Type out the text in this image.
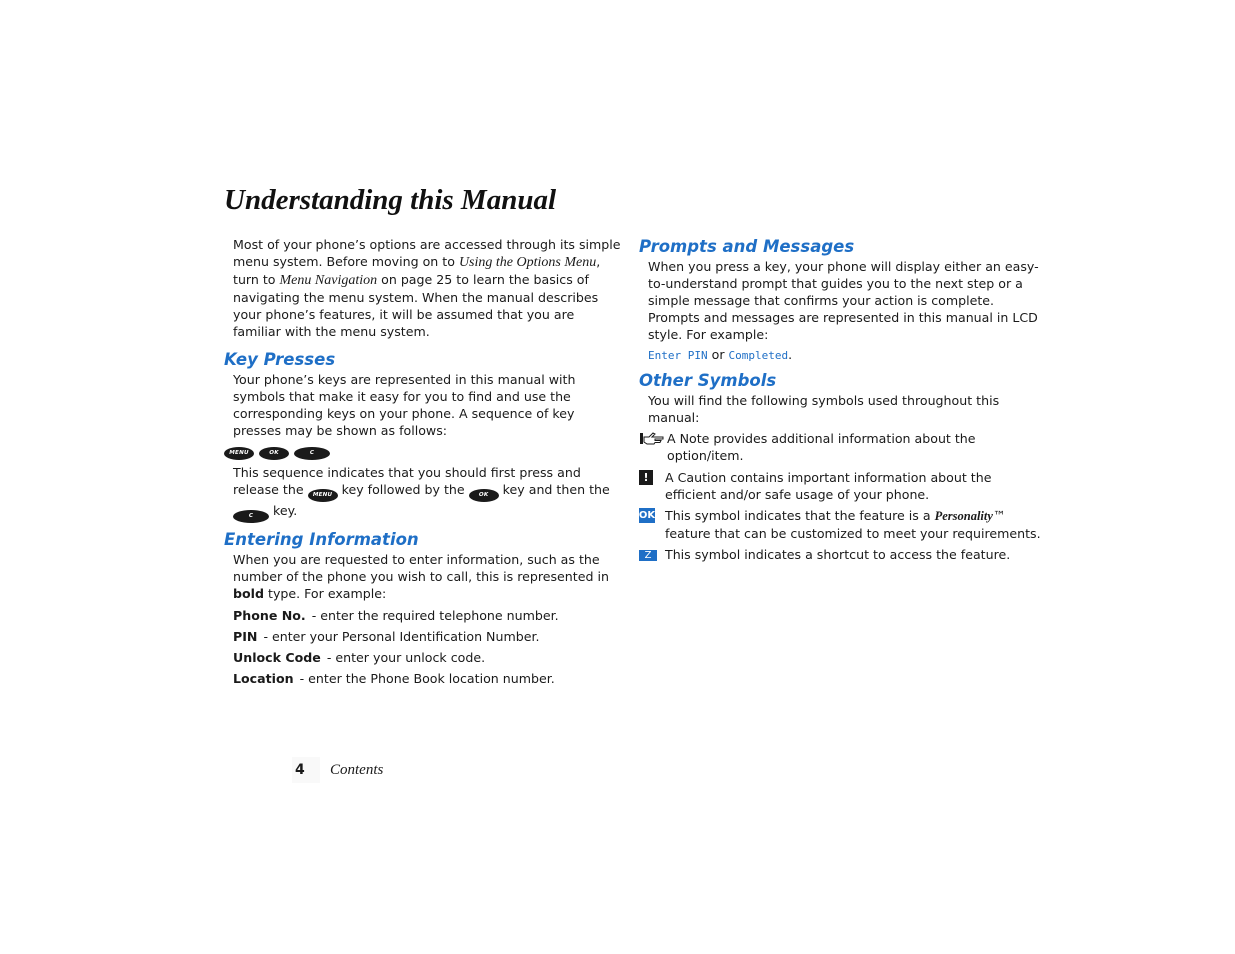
Understanding this Manual

Most of your phone’s options are accessed through its simple menu system. Before moving on to Using the Options Menu, turn to Menu Navigation on page 25 to learn the basics of navigating the menu system. When the manual describes your phone’s features, it will be assumed that you are familiar with the menu system.

Key Presses

Your phone’s keys are represented in this manual with symbols that make it easy for you to find and use the corresponding keys on your phone. A sequence of key presses may be shown as follows:

MENU	OK	C

This sequence indicates that you should first press and release the MENU key followed by the OK key and then the C key.

Entering Information

When you are requested to enter information, such as the number of the phone you wish to call, this is represented in bold type. For example:

Phone No. - enter the required telephone number.

PIN - enter your Personal Identification Number.

Unlock Code - enter your unlock code.

Location - enter the Phone Book location number.

Prompts and Messages

When you press a key, your phone will display either an easy-to-understand prompt that guides you to the next step or a simple message that confirms your action is complete. Prompts and messages are represented in this manual in LCD style. For example:

Enter PIN or Completed.

Other Symbols

You will find the following symbols used throughout this manual:

A Note provides additional information about the option/item.

!	A Caution contains important information about the efficient and/or safe usage of your phone.

OK This symbol indicates that the feature is a Personality™ feature that can be customized to meet your requirements.

Z	This symbol indicates a shortcut to access the feature.

4	Contents
